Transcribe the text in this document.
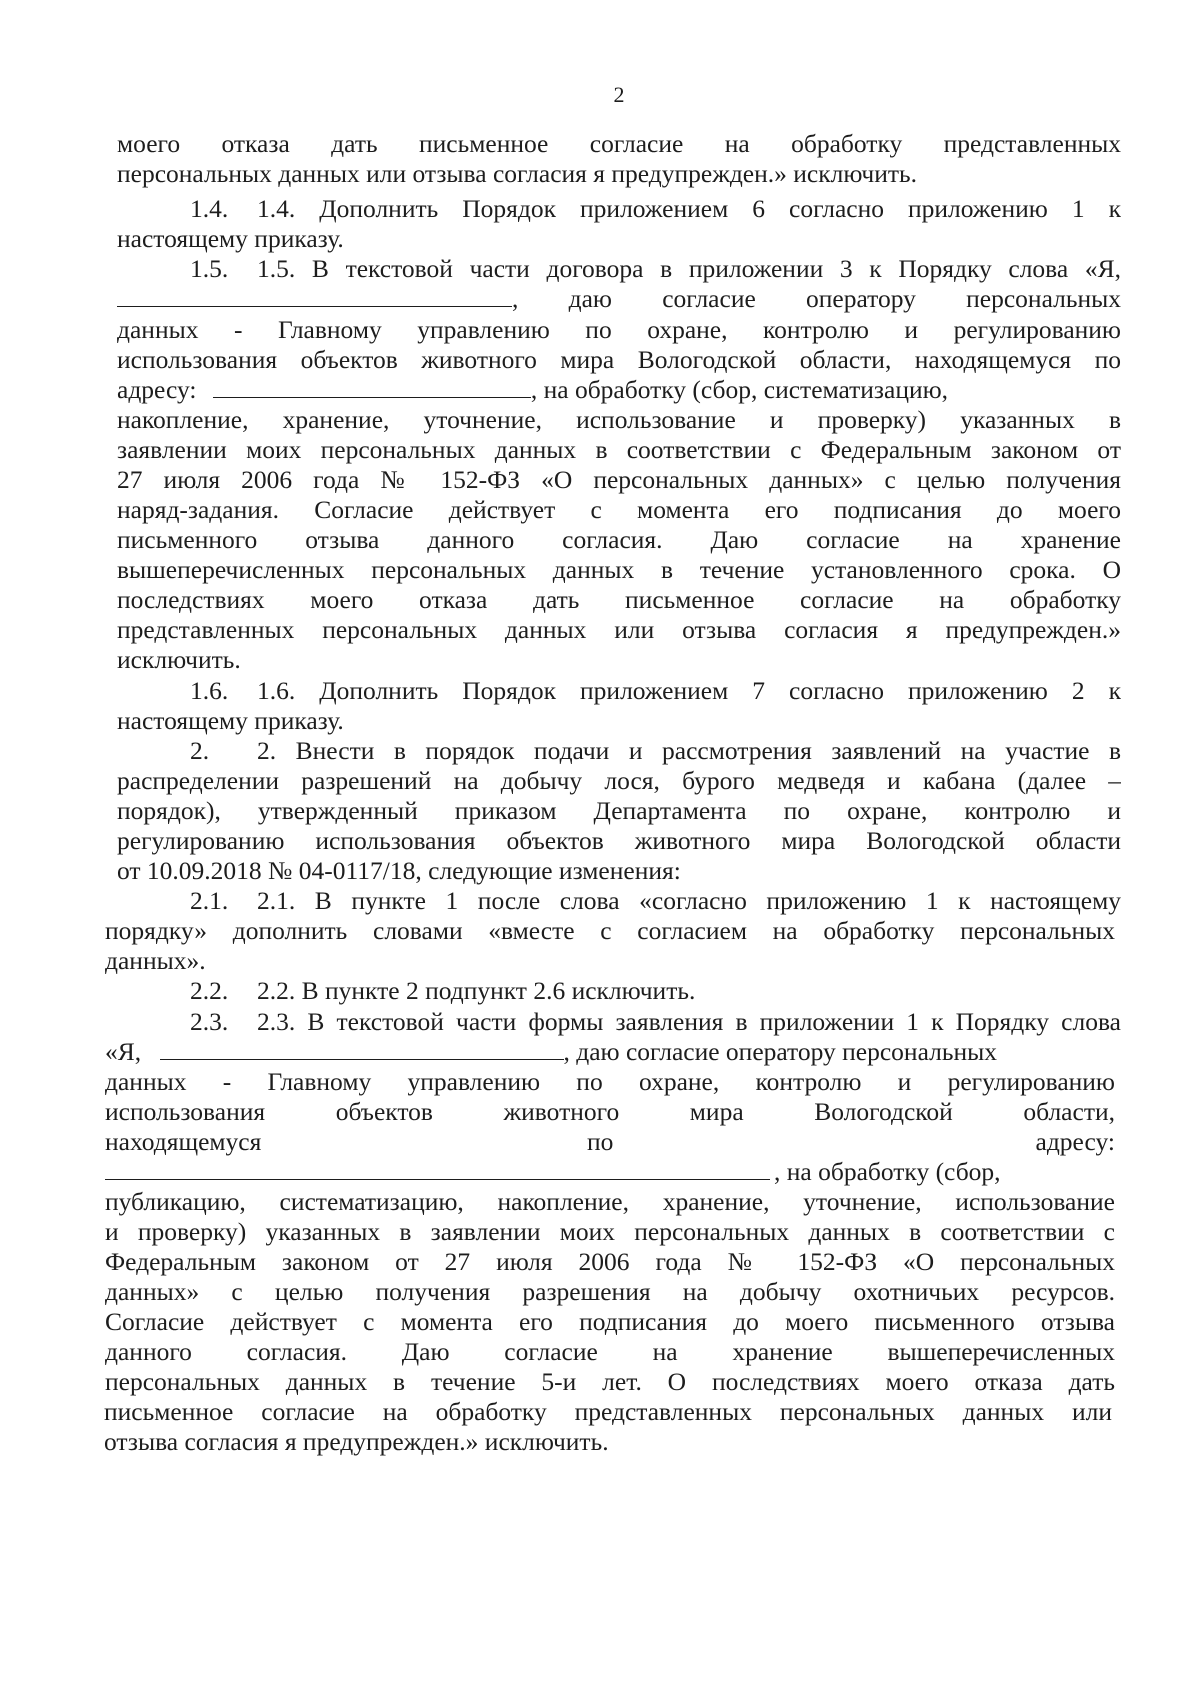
2
моего отказа дать письменное согласие на обработку представленных
персональных данных или отзыва согласия я предупрежден.» исключить.
1.4. 1.4. Дополнить Порядок приложением 6 согласно приложению 1 к
настоящему приказу.
1.5. 1.5. В текстовой части договора в приложении 3 к Порядку слова «Я,
, даю согласие оператору персональных
данных - Главному управлению по охране, контролю и регулированию
использования объектов животного мира Вологодской области, находящемуся по
адресу:	, на обработку (сбор, систематизацию,
накопление, хранение, уточнение, использование и проверку) указанных в
заявлении моих персональных данных в соответствии с Федеральным законом от
27 июля 2006 года № 152-ФЗ «О персональных данных» с целью получения
наряд-задания. Согласие действует с момента его подписания до моего
письменного отзыва данного согласия. Даю согласие на хранение
вышеперечисленных персональных данных в течение установленного срока. О
последствиях моего отказа дать письменное согласие на обработку
представленных персональных данных или отзыва согласия я предупрежден.»
исключить.
1.6. 1.6. Дополнить Порядок приложением 7 согласно приложению 2 к
настоящему приказу.
2. 2. Внести в порядок подачи и рассмотрения заявлений на участие в
распределении разрешений на добычу лося, бурого медведя и кабана (далее –
порядок), утвержденный приказом Департамента по охране, контролю и
регулированию использования объектов животного мира Вологодской области
от 10.09.2018 № 04-0117/18, следующие изменения:
2.1. 2.1. В пункте 1 после слова «согласно приложению 1 к настоящему
порядку» дополнить словами «вместе с согласием на обработку персональных
данных».
2.2. 2.2. В пункте 2 подпункт 2.6 исключить.
2.3. 2.3. В текстовой части формы заявления в приложении 1 к Порядку слова
«Я,	, даю согласие оператору персональных
данных - Главному управлению по охране, контролю и регулированию
использования объектов животного мира Вологодской области,
находящемуся	по	адресу:
, на обработку (сбор,
публикацию, систематизацию, накопление, хранение, уточнение, использование
и проверку) указанных в заявлении моих персональных данных в соответствии с
Федеральным законом от 27 июля 2006 года № 152-ФЗ «О персональных
данных» с целью получения разрешения на добычу охотничьих ресурсов.
Согласие действует с момента его подписания до моего письменного отзыва
данного согласия. Даю согласие на хранение вышеперечисленных
персональных данных в течение 5-и лет. О последствиях моего отказа дать
письменное согласие на обработку представленных персональных данных или
отзыва согласия я предупрежден.» исключить.
